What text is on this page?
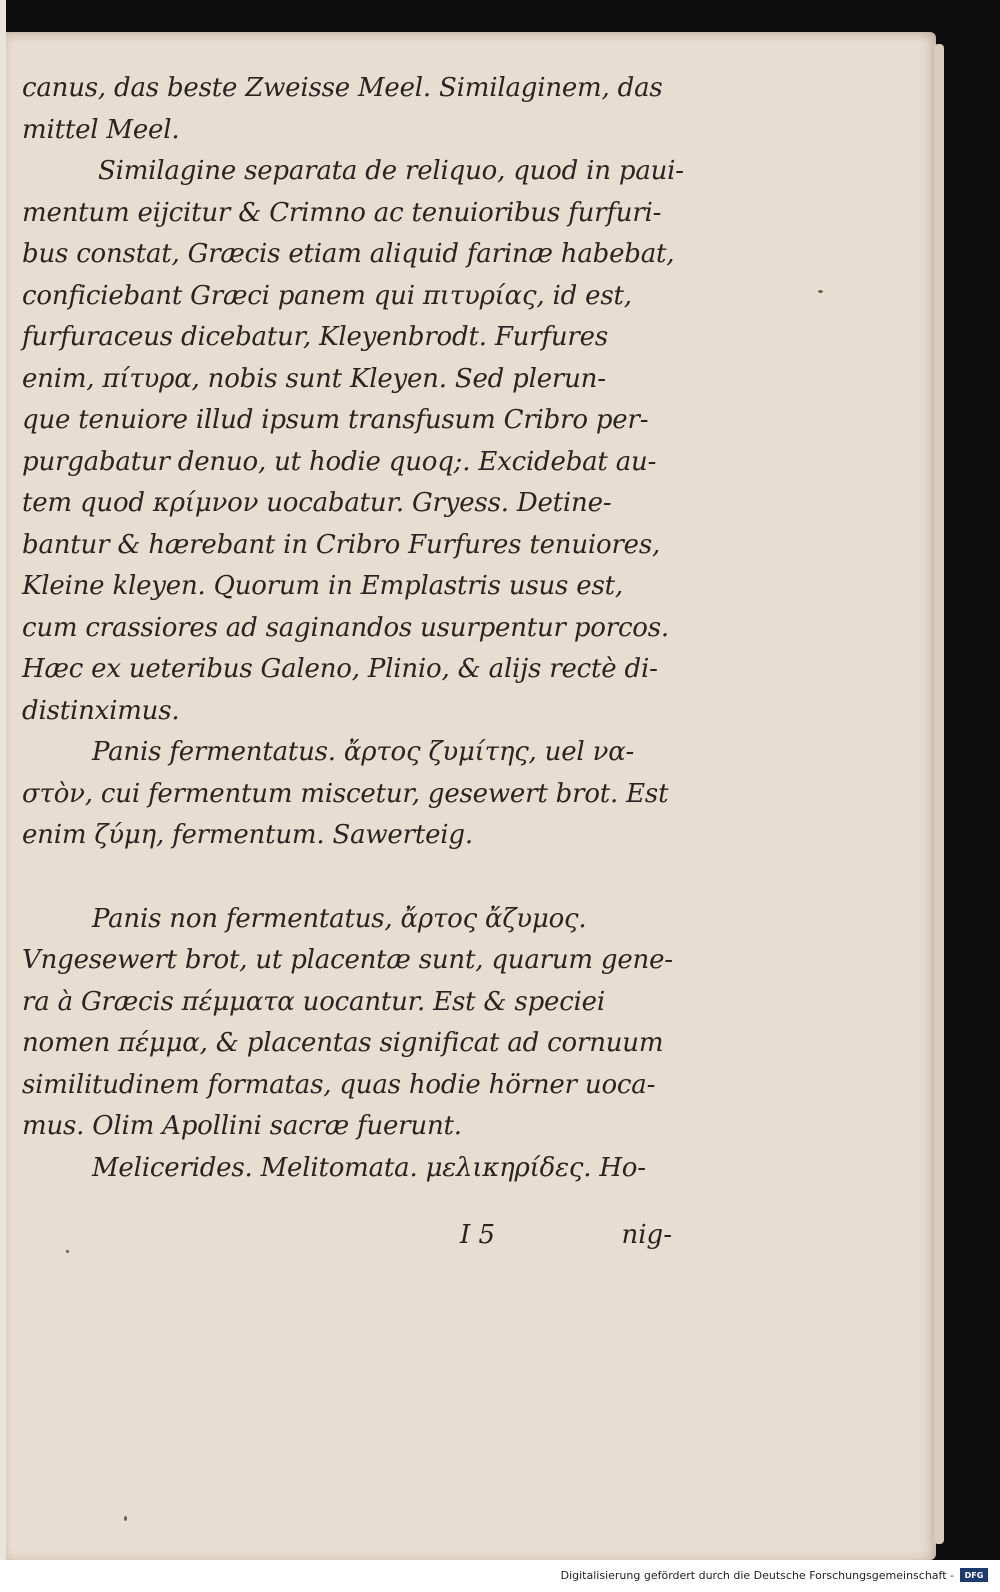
canus, das beste Zweisse Meel. Similaginem, das
mittel Meel.
Similagine separata de reliquo, quod in paui-
mentum eijcitur & Crimno ac tenuioribus furfuri-
bus constat, Græcis etiam aliquid farinæ habebat,
conficiebant Græci panem qui πιτυρίας, id est,
furfuraceus dicebatur, Kleyenbrodt. Furfures
enim, πίτυρα, nobis sunt Kleyen. Sed plerun-
que tenuiore illud ipsum transfusum Cribro per-
purgabatur denuo, ut hodie quoq;. Excidebat au-
tem quod κρίμνον uocabatur. Gryess. Detine-
bantur & hærebant in Cribro Furfures tenuiores,
Kleine kleyen. Quorum in Emplastris usus est,
cum crassiores ad saginandos usurpentur porcos.
Hæc ex ueteribus Galeno, Plinio, & alijs rectè di-
distinximus.
Panis fermentatus. ἄρτος ζυμίτης, uel να-
στὸν, cui fermentum miscetur, gesewert brot. Est
enim ζύμη, fermentum. Sawerteig.
Panis non fermentatus, ἄρτος ἄζυμος.
Vngesewert brot, ut placentæ sunt, quarum gene-
ra à Græcis πέμματα uocantur. Est & speciei
nomen πέμμα, & placentas significat ad cornuum
similitudinem formatas, quas hodie hörner uoca-
mus. Olim Apollini sacræ fuerunt.
Melicerides. Melitomata. μελικηρίδες. Ho-
I 5	nig-
Digitalisierung gefördert durch die Deutsche Forschungsgemeinschaft -	DFG
